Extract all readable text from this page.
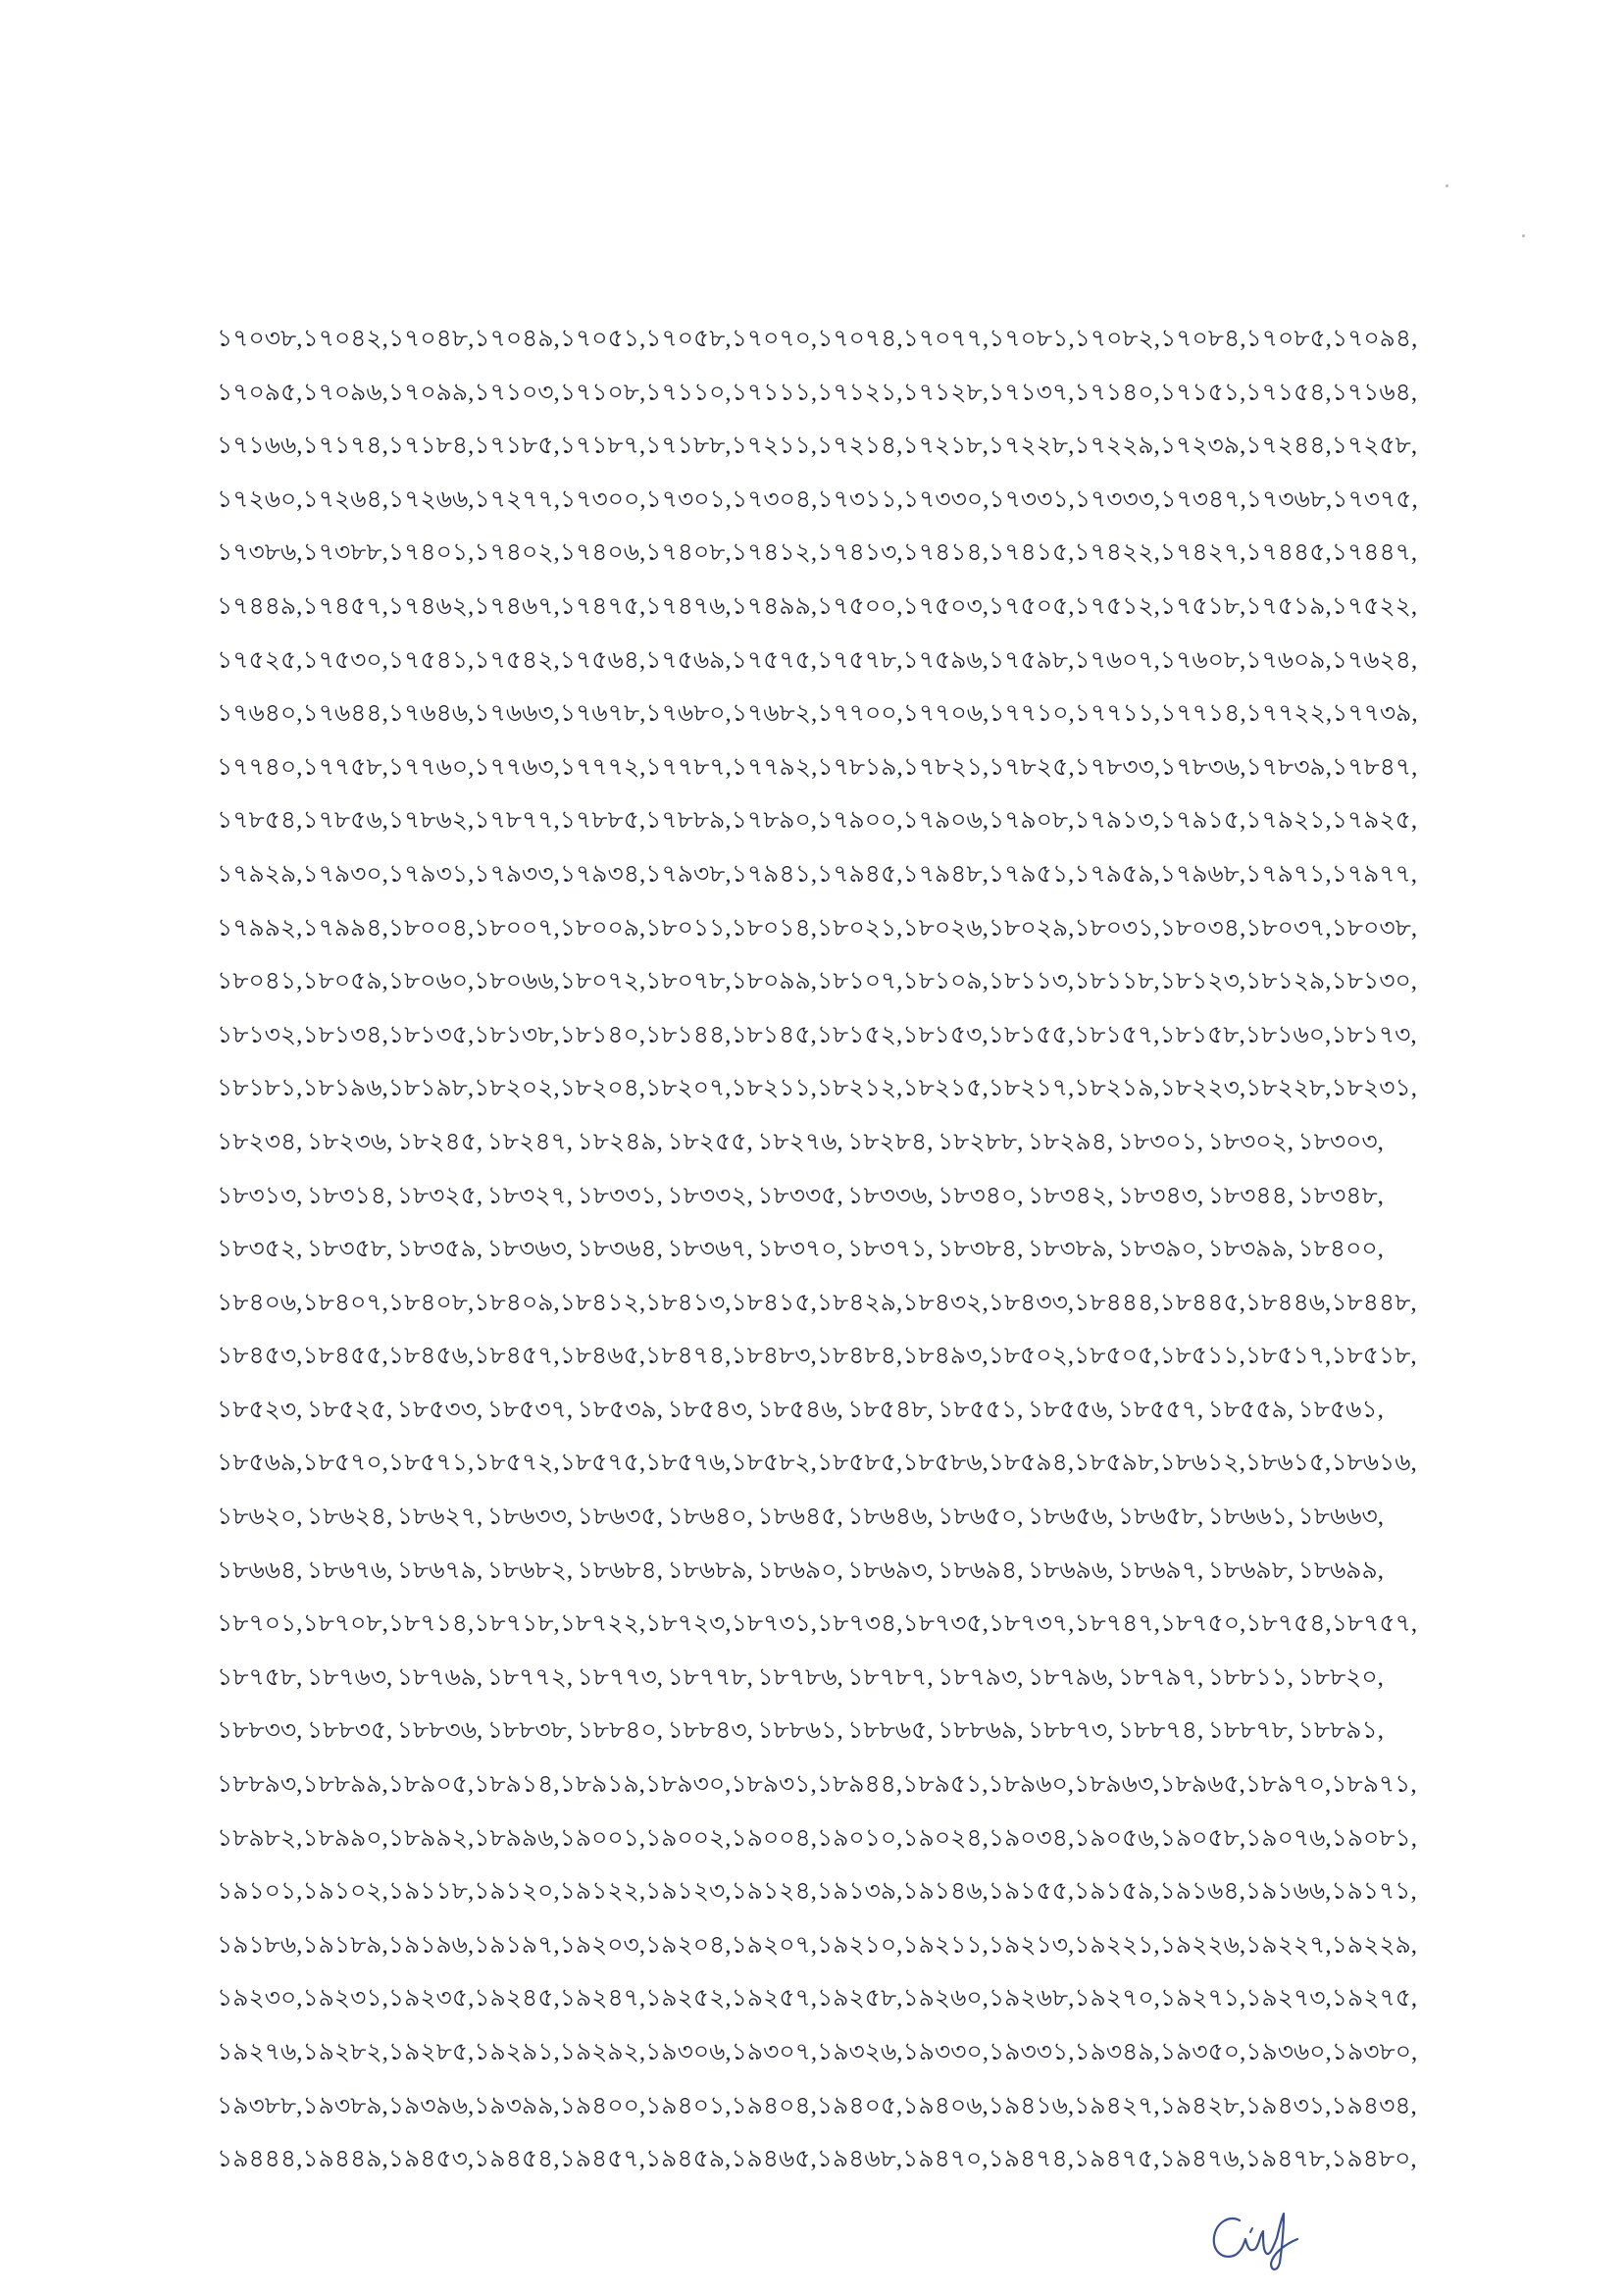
১৭০৩৮, ১৭০৪২, ১৭০৪৮, ১৭০৪৯, ১৭০৫১, ১৭০৫৮, ১৭০৭০, ১৭০৭৪, ১৭০৭৭, ১৭০৮১, ১৭০৮২, ১৭০৮৪, ১৭০৮৫, ১৭০৯৪,
১৭০৯৫, ১৭০৯৬, ১৭০৯৯, ১৭১০৩, ১৭১০৮, ১৭১১০, ১৭১১১, ১৭১২১, ১৭১২৮, ১৭১৩৭, ১৭১৪০, ১৭১৫১, ১৭১৫৪, ১৭১৬৪,
১৭১৬৬, ১৭১৭৪, ১৭১৮৪, ১৭১৮৫, ১৭১৮৭, ১৭১৮৮, ১৭২১১, ১৭২১৪, ১৭২১৮, ১৭২২৮, ১৭২২৯, ১৭২৩৯, ১৭২৪৪, ১৭২৫৮,
১৭২৬০, ১৭২৬৪, ১৭২৬৬, ১৭২৭৭, ১৭৩০০, ১৭৩০১, ১৭৩০৪, ১৭৩১১, ১৭৩৩০, ১৭৩৩১, ১৭৩৩৩, ১৭৩৪৭, ১৭৩৬৮, ১৭৩৭৫,
১৭৩৮৬, ১৭৩৮৮, ১৭৪০১, ১৭৪০২, ১৭৪০৬, ১৭৪০৮, ১৭৪১২, ১৭৪১৩, ১৭৪১৪, ১৭৪১৫, ১৭৪২২, ১৭৪২৭, ১৭৪৪৫, ১৭৪৪৭,
১৭৪৪৯, ১৭৪৫৭, ১৭৪৬২, ১৭৪৬৭, ১৭৪৭৫, ১৭৪৭৬, ১৭৪৯৯, ১৭৫০০, ১৭৫০৩, ১৭৫০৫, ১৭৫১২, ১৭৫১৮, ১৭৫১৯, ১৭৫২২,
১৭৫২৫, ১৭৫৩০, ১৭৫৪১, ১৭৫৪২, ১৭৫৬৪, ১৭৫৬৯, ১৭৫৭৫, ১৭৫৭৮, ১৭৫৯৬, ১৭৫৯৮, ১৭৬০৭, ১৭৬০৮, ১৭৬০৯, ১৭৬২৪,
১৭৬৪০, ১৭৬৪৪, ১৭৬৪৬, ১৭৬৬৩, ১৭৬৭৮, ১৭৬৮০, ১৭৬৮২, ১৭৭০০, ১৭৭০৬, ১৭৭১০, ১৭৭১১, ১৭৭১৪, ১৭৭২২, ১৭৭৩৯,
১৭৭৪০, ১৭৭৫৮, ১৭৭৬০, ১৭৭৬৩, ১৭৭৭২, ১৭৭৮৭, ১৭৭৯২, ১৭৮১৯, ১৭৮২১, ১৭৮২৫, ১৭৮৩৩, ১৭৮৩৬, ১৭৮৩৯, ১৭৮৪৭,
১৭৮৫৪, ১৭৮৫৬, ১৭৮৬২, ১৭৮৭৭, ১৭৮৮৫, ১৭৮৮৯, ১৭৮৯০, ১৭৯০০, ১৭৯০৬, ১৭৯০৮, ১৭৯১৩, ১৭৯১৫, ১৭৯২১, ১৭৯২৫,
১৭৯২৯, ১৭৯৩০, ১৭৯৩১, ১৭৯৩৩, ১৭৯৩৪, ১৭৯৩৮, ১৭৯৪১, ১৭৯৪৫, ১৭৯৪৮, ১৭৯৫১, ১৭৯৫৯, ১৭৯৬৮, ১৭৯৭১, ১৭৯৭৭,
১৭৯৯২, ১৭৯৯৪, ১৮০০৪, ১৮০০৭, ১৮০০৯, ১৮০১১, ১৮০১৪, ১৮০২১, ১৮০২৬, ১৮০২৯, ১৮০৩১, ১৮০৩৪, ১৮০৩৭, ১৮০৩৮,
১৮০৪১, ১৮০৫৯, ১৮০৬০, ১৮০৬৬, ১৮০৭২, ১৮০৭৮, ১৮০৯৯, ১৮১০৭, ১৮১০৯, ১৮১১৩, ১৮১১৮, ১৮১২৩, ১৮১২৯, ১৮১৩০,
১৮১৩২, ১৮১৩৪, ১৮১৩৫, ১৮১৩৮, ১৮১৪০, ১৮১৪৪, ১৮১৪৫, ১৮১৫২, ১৮১৫৩, ১৮১৫৫, ১৮১৫৭, ১৮১৫৮, ১৮১৬০, ১৮১৭৩,
১৮১৮১, ১৮১৯৬, ১৮১৯৮, ১৮২০২, ১৮২০৪, ১৮২০৭, ১৮২১১, ১৮২১২, ১৮২১৫, ১৮২১৭, ১৮২১৯, ১৮২২৩, ১৮২২৮, ১৮২৩১,
১৮২৩৪, ১৮২৩৬, ১৮২৪৫, ১৮২৪৭, ১৮২৪৯, ১৮২৫৫, ১৮২৭৬, ১৮২৮৪, ১৮২৮৮, ১৮২৯৪, ১৮৩০১, ১৮৩০২, ১৮৩০৩,
১৮৩১৩, ১৮৩১৪, ১৮৩২৫, ১৮৩২৭, ১৮৩৩১, ১৮৩৩২, ১৮৩৩৫, ১৮৩৩৬, ১৮৩৪০, ১৮৩৪২, ১৮৩৪৩, ১৮৩৪৪, ১৮৩৪৮,
১৮৩৫২, ১৮৩৫৮, ১৮৩৫৯, ১৮৩৬৩, ১৮৩৬৪, ১৮৩৬৭, ১৮৩৭০, ১৮৩৭১, ১৮৩৮৪, ১৮৩৮৯, ১৮৩৯০, ১৮৩৯৯, ১৮৪০০,
১৮৪০৬, ১৮৪০৭, ১৮৪০৮, ১৮৪০৯, ১৮৪১২, ১৮৪১৩, ১৮৪১৫, ১৮৪২৯, ১৮৪৩২, ১৮৪৩৩, ১৮৪৪৪, ১৮৪৪৫, ১৮৪৪৬, ১৮৪৪৮,
১৮৪৫৩, ১৮৪৫৫, ১৮৪৫৬, ১৮৪৫৭, ১৮৪৬৫, ১৮৪৭৪, ১৮৪৮৩, ১৮৪৮৪, ১৮৪৯৩, ১৮৫০২, ১৮৫০৫, ১৮৫১১, ১৮৫১৭, ১৮৫১৮,
১৮৫২৩, ১৮৫২৫, ১৮৫৩৩, ১৮৫৩৭, ১৮৫৩৯, ১৮৫৪৩, ১৮৫৪৬, ১৮৫৪৮, ১৮৫৫১, ১৮৫৫৬, ১৮৫৫৭, ১৮৫৫৯, ১৮৫৬১,
১৮৫৬৯, ১৮৫৭০, ১৮৫৭১, ১৮৫৭২, ১৮৫৭৫, ১৮৫৭৬, ১৮৫৮২, ১৮৫৮৫, ১৮৫৮৬, ১৮৫৯৪, ১৮৫৯৮, ১৮৬১২, ১৮৬১৫, ১৮৬১৬,
১৮৬২০, ১৮৬২৪, ১৮৬২৭, ১৮৬৩৩, ১৮৬৩৫, ১৮৬৪০, ১৮৬৪৫, ১৮৬৪৬, ১৮৬৫০, ১৮৬৫৬, ১৮৬৫৮, ১৮৬৬১, ১৮৬৬৩,
১৮৬৬৪, ১৮৬৭৬, ১৮৬৭৯, ১৮৬৮২, ১৮৬৮৪, ১৮৬৮৯, ১৮৬৯০, ১৮৬৯৩, ১৮৬৯৪, ১৮৬৯৬, ১৮৬৯৭, ১৮৬৯৮, ১৮৬৯৯,
১৮৭০১, ১৮৭০৮, ১৮৭১৪, ১৮৭১৮, ১৮৭২২, ১৮৭২৩, ১৮৭৩১, ১৮৭৩৪, ১৮৭৩৫, ১৮৭৩৭, ১৮৭৪৭, ১৮৭৫০, ১৮৭৫৪, ১৮৭৫৭,
১৮৭৫৮, ১৮৭৬৩, ১৮৭৬৯, ১৮৭৭২, ১৮৭৭৩, ১৮৭৭৮, ১৮৭৮৬, ১৮৭৮৭, ১৮৭৯৩, ১৮৭৯৬, ১৮৭৯৭, ১৮৮১১, ১৮৮২০,
১৮৮৩৩, ১৮৮৩৫, ১৮৮৩৬, ১৮৮৩৮, ১৮৮৪০, ১৮৮৪৩, ১৮৮৬১, ১৮৮৬৫, ১৮৮৬৯, ১৮৮৭৩, ১৮৮৭৪, ১৮৮৭৮, ১৮৮৯১,
১৮৮৯৩, ১৮৮৯৯, ১৮৯০৫, ১৮৯১৪, ১৮৯১৯, ১৮৯৩০, ১৮৯৩১, ১৮৯৪৪, ১৮৯৫১, ১৮৯৬০, ১৮৯৬৩, ১৮৯৬৫, ১৮৯৭০, ১৮৯৭১,
১৮৯৮২, ১৮৯৯০, ১৮৯৯২, ১৮৯৯৬, ১৯০০১, ১৯০০২, ১৯০০৪, ১৯০১০, ১৯০২৪, ১৯০৩৪, ১৯০৫৬, ১৯০৫৮, ১৯০৭৬, ১৯০৮১,
১৯১০১, ১৯১০২, ১৯১১৮, ১৯১২০, ১৯১২২, ১৯১২৩, ১৯১২৪, ১৯১৩৯, ১৯১৪৬, ১৯১৫৫, ১৯১৫৯, ১৯১৬৪, ১৯১৬৬, ১৯১৭১,
১৯১৮৬, ১৯১৮৯, ১৯১৯৬, ১৯১৯৭, ১৯২০৩, ১৯২০৪, ১৯২০৭, ১৯২১০, ১৯২১১, ১৯২১৩, ১৯২২১, ১৯২২৬, ১৯২২৭, ১৯২২৯,
১৯২৩০, ১৯২৩১, ১৯২৩৫, ১৯২৪৫, ১৯২৪৭, ১৯২৫২, ১৯২৫৭, ১৯২৫৮, ১৯২৬০, ১৯২৬৮, ১৯২৭০, ১৯২৭১, ১৯২৭৩, ১৯২৭৫,
১৯২৭৬, ১৯২৮২, ১৯২৮৫, ১৯২৯১, ১৯২৯২, ১৯৩০৬, ১৯৩০৭, ১৯৩২৬, ১৯৩৩০, ১৯৩৩১, ১৯৩৪৯, ১৯৩৫০, ১৯৩৬০, ১৯৩৮০,
১৯৩৮৮, ১৯৩৮৯, ১৯৩৯৬, ১৯৩৯৯, ১৯৪০০, ১৯৪০১, ১৯৪০৪, ১৯৪০৫, ১৯৪০৬, ১৯৪১৬, ১৯৪২৭, ১৯৪২৮, ১৯৪৩১, ১৯৪৩৪,
১৯৪৪৪, ১৯৪৪৯, ১৯৪৫৩, ১৯৪৫৪, ১৯৪৫৭, ১৯৪৫৯, ১৯৪৬৫, ১৯৪৬৮, ১৯৪৭০, ১৯৪৭৪, ১৯৪৭৫, ১৯৪৭৬, ১৯৪৭৮, ১৯৪৮০,
